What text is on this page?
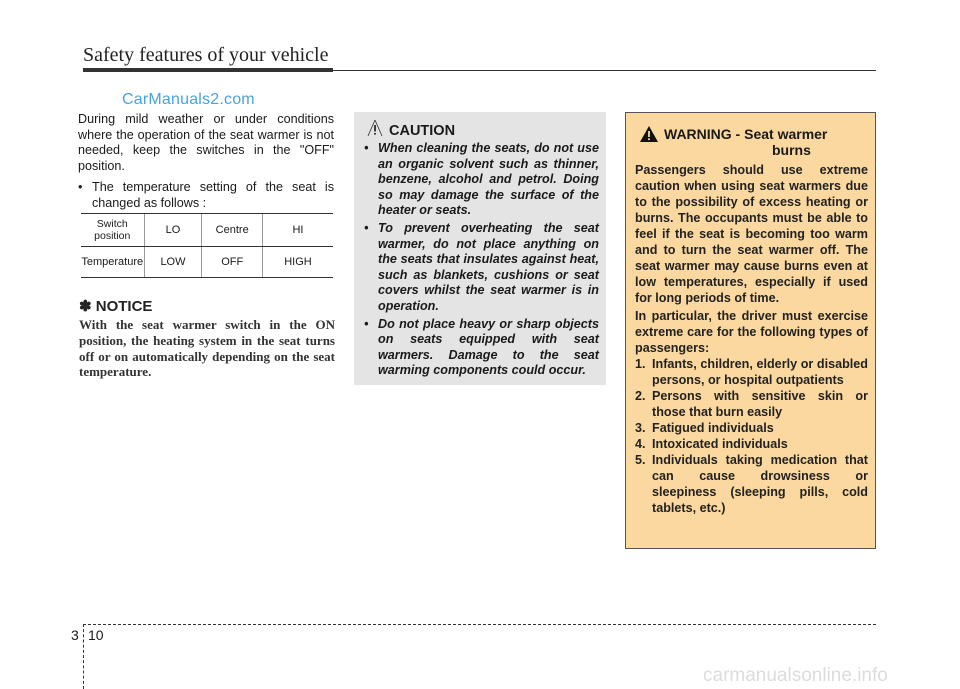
Safety features of your vehicle
CarManuals2.com

During mild weather or under conditions where the operation of the seat warmer is not needed, keep the switches in the "OFF" position.

• The temperature setting of the seat is changed as follows :
Switch position	LO	Centre	HI
Temperature	LOW	OFF	HIGH
✽ NOTICE
With the seat warmer switch in the ON position, the heating system in the seat turns off or on automatically depending on the seat temperature.
CAUTION
• When cleaning the seats, do not use an organic solvent such as thinner, benzene, alcohol and petrol. Doing so may damage the surface of the heater or seats.
• To prevent overheating the seat warmer, do not place anything on the seats that insulates against heat, such as blankets, cushions or seat covers whilst the seat warmer is in operation.
• Do not place heavy or sharp objects on seats equipped with seat warmers. Damage to the seat warming components could occur.
WARNING - Seat warmer
burns

Passengers should use extreme caution when using seat warmers due to the possibility of excess heating or burns. The occupants must be able to feel if the seat is becoming too warm and to turn the seat warmer off. The seat warmer may cause burns even at low temperatures, especially if used for long periods of time.

In particular, the driver must exercise extreme care for the following types of passengers:

1. Infants, children, elderly or disabled persons, or hospital outpatients
2. Persons with sensitive skin or those that burn easily
3. Fatigued individuals
4. Intoxicated individuals
5. Individuals taking medication that can cause drowsiness or sleepiness (sleeping pills, cold tablets, etc.)
3 10
carmanualsonline.info
